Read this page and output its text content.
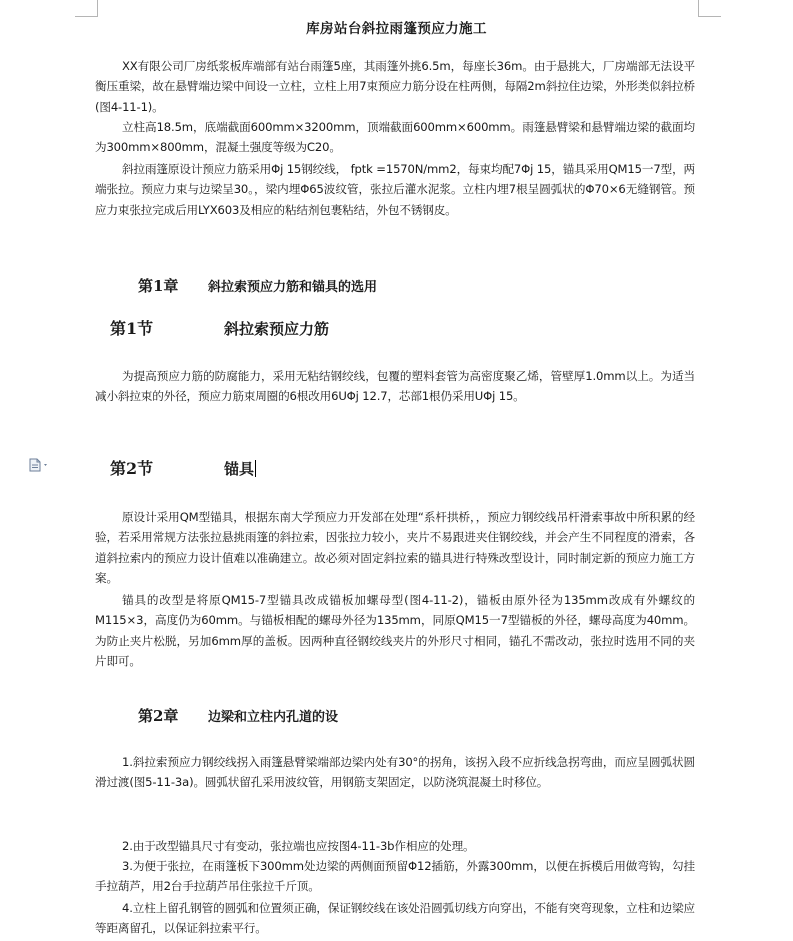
库房站台斜拉雨篷预应力施工

XX有限公司厂房纸浆板库端部有站台雨篷5座，其雨篷外挑6.5m，每座长36m。由于悬挑大，厂房端部无法设平衡压重梁，故在悬臂端边梁中间设一立柱，立柱上用7束预应力筋分设在柱两侧，每隔2m斜拉住边梁，外形类似斜拉桥(图4-11-1)。

立柱高18.5m，底端截面600mm×3200mm，顶端截面600mm×600mm。雨篷悬臂梁和悬臂端边梁的截面均为300mm×800mm，混凝土强度等级为C20。

斜拉雨篷原设计预应力筋采用Φj 15钢绞线， fptk =1570N/mm2，每束均配7Φj 15，锚具采用QM15一7型，两端张拉。预应力束与边梁呈30。，梁内埋Φ65波纹管，张拉后灌水泥浆。立柱内埋7根呈圆弧状的Φ70×6无缝钢管。预应力束张拉完成后用LYX603及相应的粘结剂包裹粘结，外包不锈钢皮。

第1章 斜拉索预应力筋和锚具的选用
第1节	斜拉索预应力筋

为提高预应力筋的防腐能力，采用无粘结钢绞线，包覆的塑料套管为高密度聚乙烯，管壁厚1.0mm以上。为适当减小斜拉束的外径，预应力筋束周圈的6根改用6UΦj 12.7，芯部1根仍采用UΦj 15。

第2节	锚具

原设计采用QM型锚具，根据东南大学预应力开发部在处理“系杆拱桥，，预应力钢绞线吊杆滑索事故中所积累的经验，若采用常规方法张拉悬挑雨篷的斜拉索，因张拉力较小，夹片不易跟进夹住钢绞线，并会产生不同程度的滑索，各道斜拉索内的预应力设计值难以准确建立。故必须对固定斜拉索的锚具进行特殊改型设计，同时制定新的预应力施工方案。

锚具的改型是将原QM15-7型锚具改成锚板加螺母型(图4-11-2)，锚板由原外径为135mm改成有外螺纹的M115×3，高度仍为60mm。与锚板相配的螺母外径为135mm，同原QM15一7型锚板的外径，螺母高度为40mm。为防止夹片松脱，另加6mm厚的盖板。因两种直径钢绞线夹片的外形尺寸相同，锚孔不需改动，张拉时选用不同的夹片即可。

第2章 边梁和立柱内孔道的设

1.斜拉索预应力钢绞线拐入雨篷悬臂梁端部边梁内处有30°的拐角，该拐入段不应折线急拐弯曲，而应呈圆弧状圆滑过渡(图5-11-3a)。圆弧状留孔采用波纹管，用钢筋支架固定，以防浇筑混凝土时移位。

2.由于改型锚具尺寸有变动，张拉端也应按图4-11-3b作相应的处理。

3.为便于张拉，在雨篷板下300mm处边梁的两侧面预留Φ12插筋，外露300mm，以便在拆模后用做弯钩，勾挂手拉葫芦，用2台手拉葫芦吊住张拉千斤顶。

4.立柱上留孔钢管的圆弧和位置须正确，保证钢绞线在该处沿圆弧切线方向穿出，不能有突弯现象，立柱和边梁应等距离留孔，以保证斜拉索平行。
